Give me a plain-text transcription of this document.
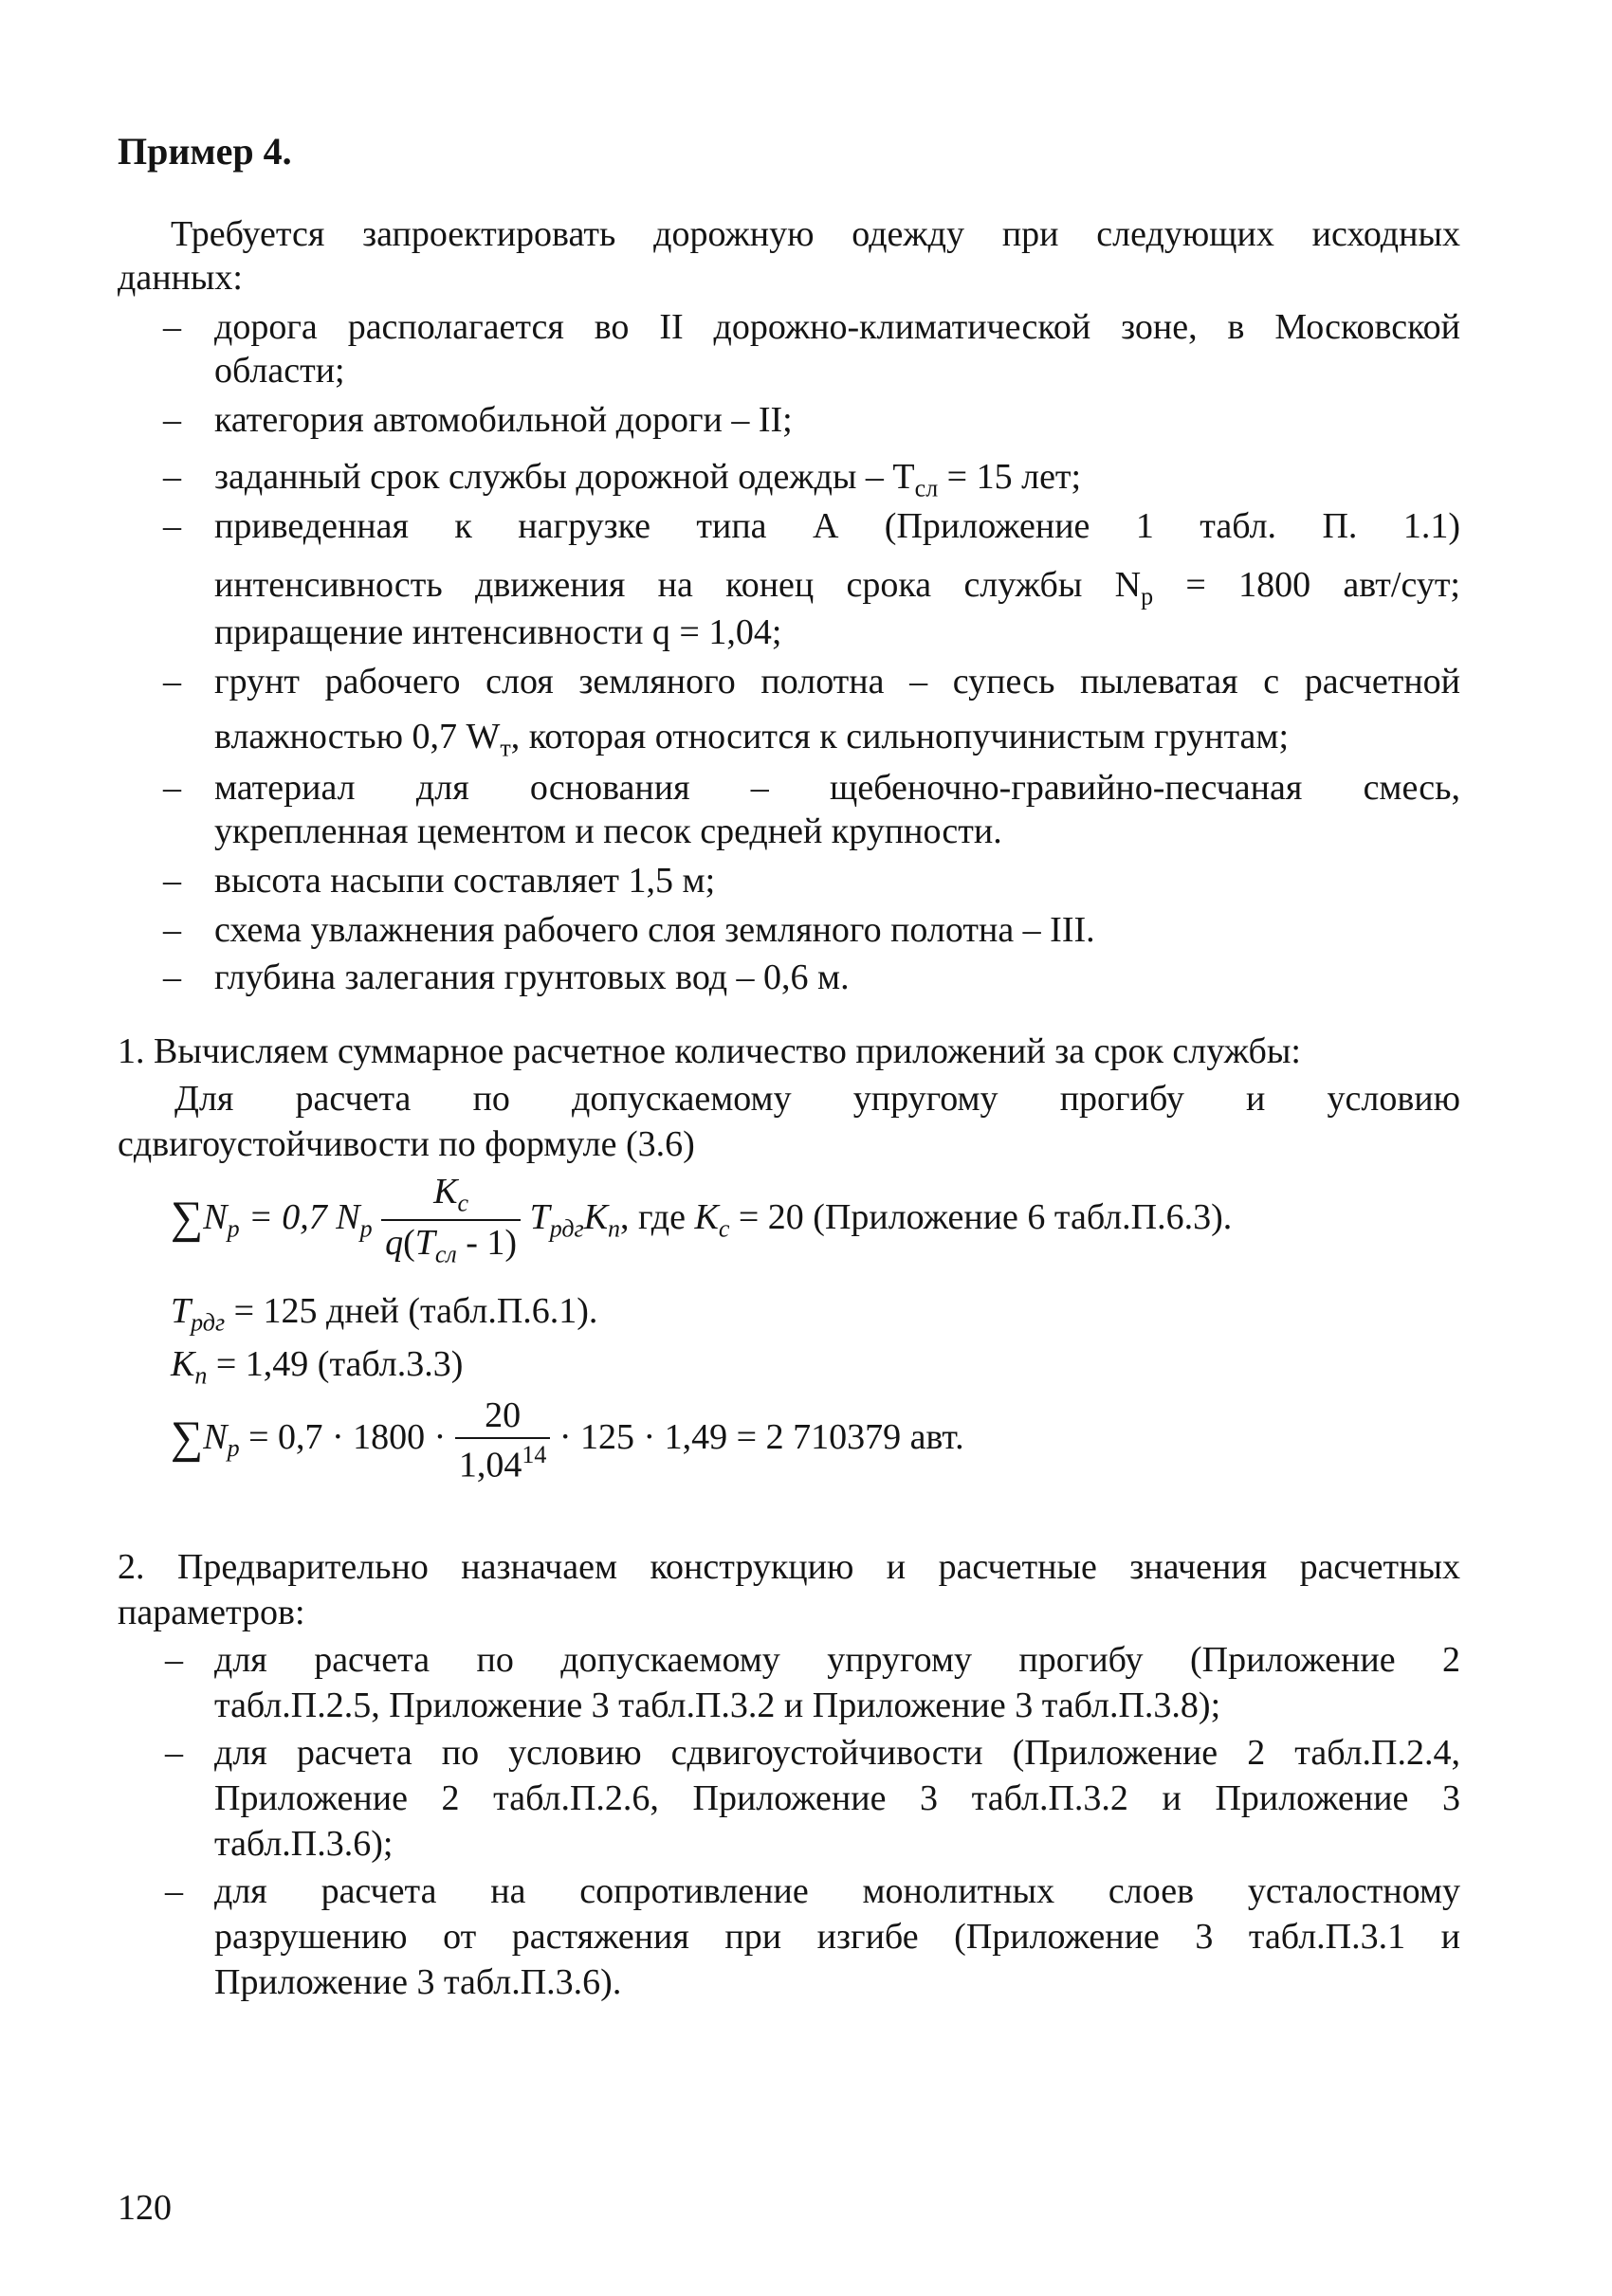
Пример 4.
Требуется запроектировать дорожную одежду при следующих исходных
данных:
– дорога располагается во II дорожно-климатической зоне, в Московской
области;
– категория автомобильной дороги – II;
– заданный срок службы дорожной одежды – $Т_{сл} = 15$ лет;
– приведенная к нагрузке типа А (Приложение 1 табл. П. 1.1)
интенсивность движения на конец срока службы $N_р = 1800$ авт/сут;
приращение интенсивности q = 1,04;
– грунт рабочего слоя земляного полотна – супесь пылеватая с расчетной
влажностью 0,7 $W_т$, которая относится к сильнопучинистым грунтам;
– материал для основания – щебеночно-гравийно-песчаная смесь,
укрепленная цементом и песок средней крупности.
– высота насыпи составляет 1,5 м;
– схема увлажнения рабочего слоя земляного полотна – III.
– глубина залегания грунтовых вод – 0,6 м.
1. Вычисляем суммарное расчетное количество приложений за срок службы:
Для расчета по допускаемому упругому прогибу и условию
сдвигоустойчивости по формуле (3.6)
$\sum N_p = 0,7$ $N_p \frac{K_c}{q(T_{сл} - 1)} T_{рдг}K_n$, где $K_c = 20$ (Приложение 6 табл.П.6.3).
$T_{рдг} = 125$ дней (табл.П.6.1).
$K_n = 1,49$ (табл.3.3)
$\sum N_p = 0,7 \cdot 1800 \cdot \frac{20}{1,04^{14}} \cdot 125 \cdot 1,49 = 2$ 710379 авт.
2. Предварительно назначаем конструкцию и расчетные значения расчетных
параметров:
– для расчета по допускаемому упругому прогибу (Приложение 2
табл.П.2.5, Приложение 3 табл.П.3.2 и Приложение 3 табл.П.3.8);
– для расчета по условию сдвигоустойчивости (Приложение 2 табл.П.2.4,
Приложение 2 табл.П.2.6, Приложение 3 табл.П.3.2 и Приложение 3
табл.П.3.6);
– для расчета на сопротивление монолитных слоев усталостному
разрушению от растяжения при изгибе (Приложение 3 табл.П.3.1 и
Приложение 3 табл.П.3.6).
120
